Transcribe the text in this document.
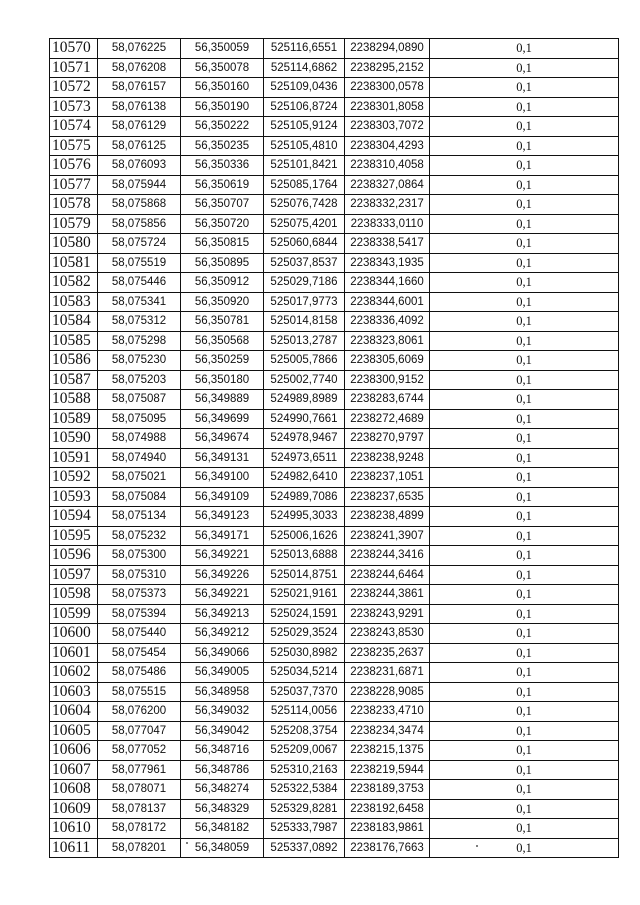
10570	58,076225	56,350059	525116,6551	2238294,0890	0,1
10571	58,076208	56,350078	525114,6862	2238295,2152	0,1
10572	58,076157	56,350160	525109,0436	2238300,0578	0,1
10573	58,076138	56,350190	525106,8724	2238301,8058	0,1
10574	58,076129	56,350222	525105,9124	2238303,7072	0,1
10575	58,076125	56,350235	525105,4810	2238304,4293	0,1
10576	58,076093	56,350336	525101,8421	2238310,4058	0,1
10577	58,075944	56,350619	525085,1764	2238327,0864	0,1
10578	58,075868	56,350707	525076,7428	2238332,2317	0,1
10579	58,075856	56,350720	525075,4201	2238333,0110	0,1
10580	58,075724	56,350815	525060,6844	2238338,5417	0,1
10581	58,075519	56,350895	525037,8537	2238343,1935	0,1
10582	58,075446	56,350912	525029,7186	2238344,1660	0,1
10583	58,075341	56,350920	525017,9773	2238344,6001	0,1
10584	58,075312	56,350781	525014,8158	2238336,4092	0,1
10585	58,075298	56,350568	525013,2787	2238323,8061	0,1
10586	58,075230	56,350259	525005,7866	2238305,6069	0,1
10587	58,075203	56,350180	525002,7740	2238300,9152	0,1
10588	58,075087	56,349889	524989,8989	2238283,6744	0,1
10589	58,075095	56,349699	524990,7661	2238272,4689	0,1
10590	58,074988	56,349674	524978,9467	2238270,9797	0,1
10591	58,074940	56,349131	524973,6511	2238238,9248	0,1
10592	58,075021	56,349100	524982,6410	2238237,1051	0,1
10593	58,075084	56,349109	524989,7086	2238237,6535	0,1
10594	58,075134	56,349123	524995,3033	2238238,4899	0,1
10595	58,075232	56,349171	525006,1626	2238241,3907	0,1
10596	58,075300	56,349221	525013,6888	2238244,3416	0,1
10597	58,075310	56,349226	525014,8751	2238244,6464	0,1
10598	58,075373	56,349221	525021,9161	2238244,3861	0,1
10599	58,075394	56,349213	525024,1591	2238243,9291	0,1
10600	58,075440	56,349212	525029,3524	2238243,8530	0,1
10601	58,075454	56,349066	525030,8982	2238235,2637	0,1
10602	58,075486	56,349005	525034,5214	2238231,6871	0,1
10603	58,075515	56,348958	525037,7370	2238228,9085	0,1
10604	58,076200	56,349032	525114,0056	2238233,4710	0,1
10605	58,077047	56,349042	525208,3754	2238234,3474	0,1
10606	58,077052	56,348716	525209,0067	2238215,1375	0,1
10607	58,077961	56,348786	525310,2163	2238219,5944	0,1
10608	58,078071	56,348274	525322,5384	2238189,3753	0,1
10609	58,078137	56,348329	525329,8281	2238192,6458	0,1
10610	58,078172	56,348182	525333,7987	2238183,9861	0,1
10611	58,078201	56,348059	525337,0892	2238176,7663	0,1
